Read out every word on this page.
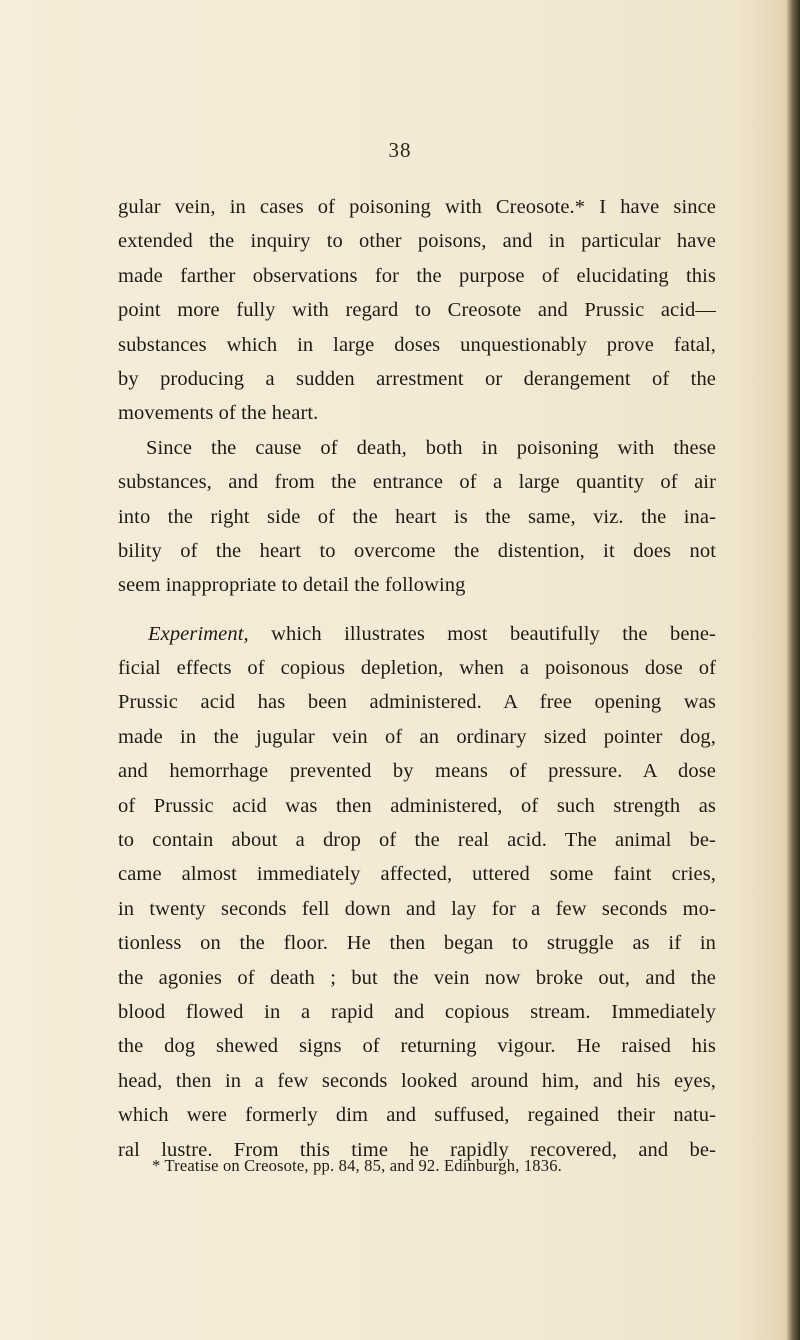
38
gular vein, in cases of poisoning with Creosote.* I have since
extended the inquiry to other poisons, and in particular have
made farther observations for the purpose of elucidating this
point more fully with regard to Creosote and Prussic acid—
substances which in large doses unquestionably prove fatal,
by producing a sudden arrestment or derangement of the
movements of the heart.
Since the cause of death, both in poisoning with these
substances, and from the entrance of a large quantity of air
into the right side of the heart is the same, viz. the ina-
bility of the heart to overcome the distention, it does not
seem inappropriate to detail the following
Experiment, which illustrates most beautifully the bene-
ficial effects of copious depletion, when a poisonous dose of
Prussic acid has been administered. A free opening was
made in the jugular vein of an ordinary sized pointer dog,
and hemorrhage prevented by means of pressure. A dose
of Prussic acid was then administered, of such strength as
to contain about a drop of the real acid. The animal be-
came almost immediately affected, uttered some faint cries,
in twenty seconds fell down and lay for a few seconds mo-
tionless on the floor. He then began to struggle as if in
the agonies of death ; but the vein now broke out, and the
blood flowed in a rapid and copious stream. Immediately
the dog shewed signs of returning vigour. He raised his
head, then in a few seconds looked around him, and his eyes,
which were formerly dim and suffused, regained their natu-
ral lustre. From this time he rapidly recovered, and be-
* Treatise on Creosote, pp. 84, 85, and 92. Edinburgh, 1836.
